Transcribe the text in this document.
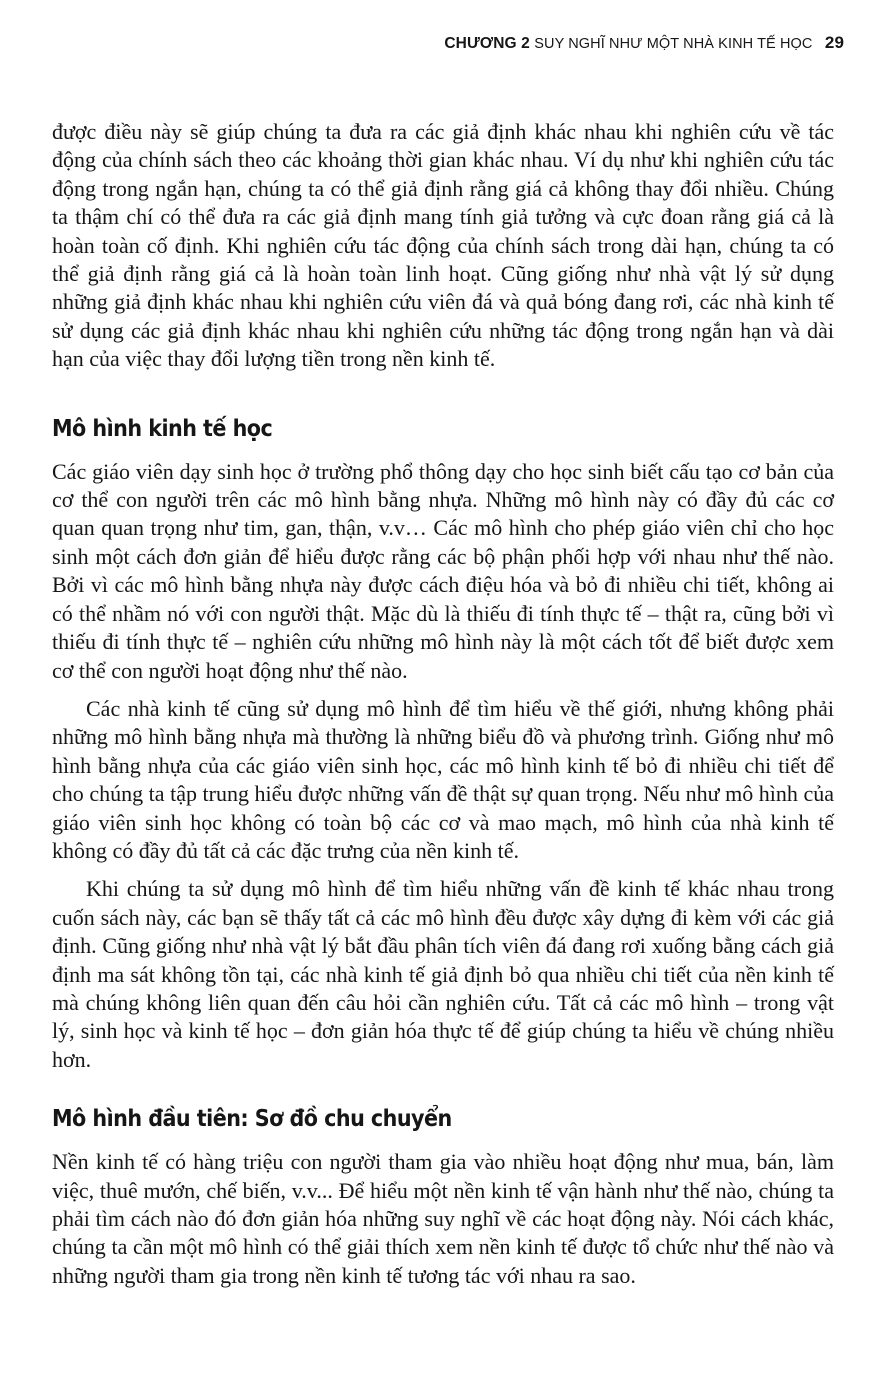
CHƯƠNG 2 SUY NGHĨ NHƯ MỘT NHÀ KINH TẾ HỌC 29

được điều này sẽ giúp chúng ta đưa ra các giả định khác nhau khi nghiên cứu về tác động của chính sách theo các khoảng thời gian khác nhau. Ví dụ như khi nghiên cứu tác động trong ngắn hạn, chúng ta có thể giả định rằng giá cả không thay đổi nhiều. Chúng ta thậm chí có thể đưa ra các giả định mang tính giả tưởng và cực đoan rằng giá cả là hoàn toàn cố định. Khi nghiên cứu tác động của chính sách trong dài hạn, chúng ta có thể giả định rằng giá cả là hoàn toàn linh hoạt. Cũng giống như nhà vật lý sử dụng những giả định khác nhau khi nghiên cứu viên đá và quả bóng đang rơi, các nhà kinh tế sử dụng các giả định khác nhau khi nghiên cứu những tác động trong ngắn hạn và dài hạn của việc thay đổi lượng tiền trong nền kinh tế.

Mô hình kinh tế học

Các giáo viên dạy sinh học ở trường phổ thông dạy cho học sinh biết cấu tạo cơ bản của cơ thể con người trên các mô hình bằng nhựa. Những mô hình này có đầy đủ các cơ quan quan trọng như tim, gan, thận, v.v… Các mô hình cho phép giáo viên chỉ cho học sinh một cách đơn giản để hiểu được rằng các bộ phận phối hợp với nhau như thế nào. Bởi vì các mô hình bằng nhựa này được cách điệu hóa và bỏ đi nhiều chi tiết, không ai có thể nhầm nó với con người thật. Mặc dù là thiếu đi tính thực tế – thật ra, cũng bởi vì thiếu đi tính thực tế – nghiên cứu những mô hình này là một cách tốt để biết được xem cơ thể con người hoạt động như thế nào.

Các nhà kinh tế cũng sử dụng mô hình để tìm hiểu về thế giới, nhưng không phải những mô hình bằng nhựa mà thường là những biểu đồ và phương trình. Giống như mô hình bằng nhựa của các giáo viên sinh học, các mô hình kinh tế bỏ đi nhiều chi tiết để cho chúng ta tập trung hiểu được những vấn đề thật sự quan trọng. Nếu như mô hình của giáo viên sinh học không có toàn bộ các cơ và mao mạch, mô hình của nhà kinh tế không có đầy đủ tất cả các đặc trưng của nền kinh tế.

Khi chúng ta sử dụng mô hình để tìm hiểu những vấn đề kinh tế khác nhau trong cuốn sách này, các bạn sẽ thấy tất cả các mô hình đều được xây dựng đi kèm với các giả định. Cũng giống như nhà vật lý bắt đầu phân tích viên đá đang rơi xuống bằng cách giả định ma sát không tồn tại, các nhà kinh tế giả định bỏ qua nhiều chi tiết của nền kinh tế mà chúng không liên quan đến câu hỏi cần nghiên cứu. Tất cả các mô hình – trong vật lý, sinh học và kinh tế học – đơn giản hóa thực tế để giúp chúng ta hiểu về chúng nhiều hơn.

Mô hình đầu tiên: Sơ đồ chu chuyển

Nền kinh tế có hàng triệu con người tham gia vào nhiều hoạt động như mua, bán, làm việc, thuê mướn, chế biến, v.v... Để hiểu một nền kinh tế vận hành như thế nào, chúng ta phải tìm cách nào đó đơn giản hóa những suy nghĩ về các hoạt động này. Nói cách khác, chúng ta cần một mô hình có thể giải thích xem nền kinh tế được tổ chức như thế nào và những người tham gia trong nền kinh tế tương tác với nhau ra sao.
